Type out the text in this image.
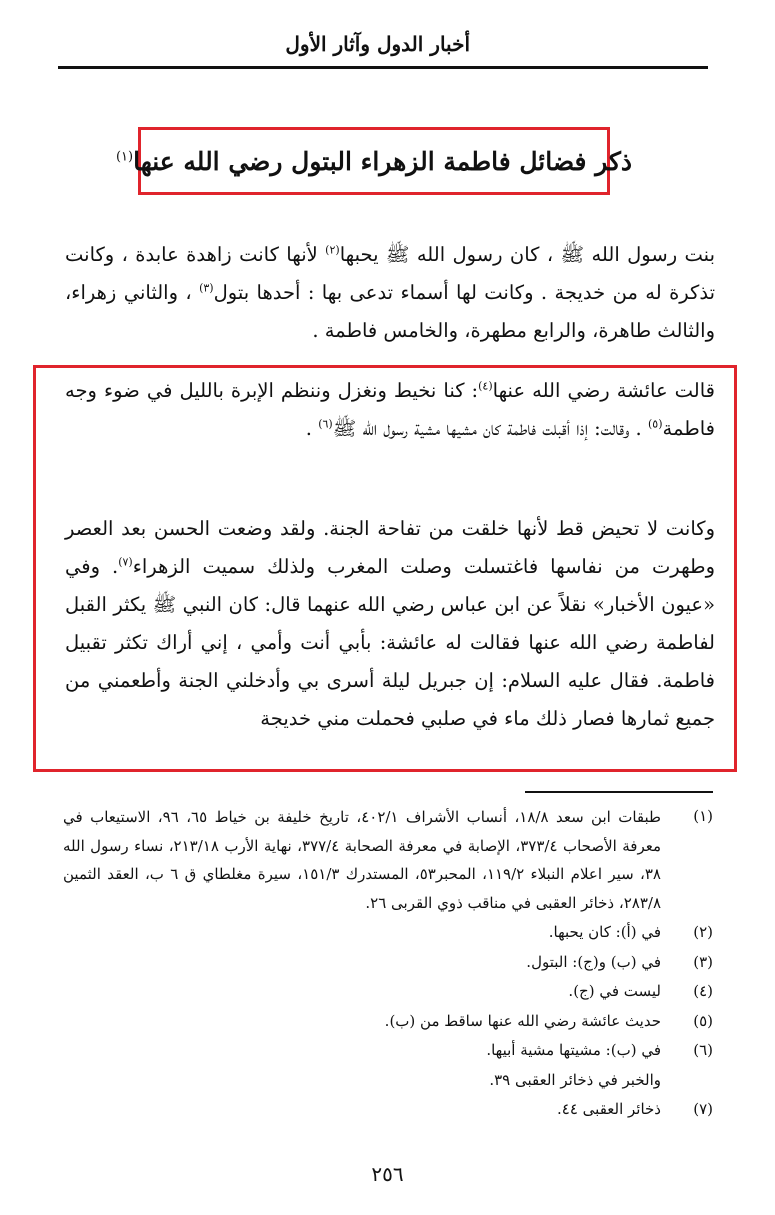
أخبار الدول وآثار الأول
ذكر فضائل فاطمة الزهراء البتول رضي الله عنها$^{(١)}$
بنت رسول الله ﷺ ، كان رسول الله ﷺ يحبها$^{(٢)}$ لأنها كانت زاهدة عابدة ، وكانت تذكرة له من خديجة . وكانت لها أسماء تدعى بها : أحدها بتول$^{(٣)}$ ، والثاني زهراء، والثالث طاهرة، والرابع مطهرة، والخامس فاطمة .
قالت عائشة رضي الله عنها$^{(٤)}$: كنا نخيط ونغزل وننظم الإبرة بالليل في ضوء وجه فاطمة$^{(٥)}$ . وقالت: إذا أقبلت فاطمة كان مشيها مشية رسول الله ﷺ$^{(٦)}$ .
وكانت لا تحيض قط لأنها خلقت من تفاحة الجنة. ولقد وضعت الحسن بعد العصر وطهرت من نفاسها فاغتسلت وصلت المغرب ولذلك سميت الزهراء$^{(٧)}$. وفي «عيون الأخبار» نقلاً عن ابن عباس رضي الله عنهما قال: كان النبي ﷺ يكثر القبل لفاطمة رضي الله عنها فقالت له عائشة: بأبي أنت وأمي ، إني أراك تكثر تقبيل فاطمة. فقال عليه السلام: إن جبريل ليلة أسرى بي وأدخلني الجنة وأطعمني من جميع ثمارها فصار ذلك ماء في صلبي فحملت مني خديجة
(١)
طبقات ابن سعد ١٨/٨، أنساب الأشراف ٤٠٢/١، تاريخ خليفة بن خياط ٦٥، ٩٦، الاستيعاب في معرفة الأصحاب ٣٧٣/٤، الإصابة في معرفة الصحابة ٣٧٧/٤، نهاية الأرب ٢١٣/١٨، نساء رسول الله ٣٨، سير اعلام النبلاء ١١٩/٢، المحبر٥٣، المستدرك ١٥١/٣، سيرة مغلطاي ق ٦ ب، العقد الثمين ٢٨٣/٨، ذخائر العقبى في مناقب ذوي القربى ٢٦.
(٢)
في (أ): كان يحبها.
(٣)
في (ب) و(ج): البتول.
(٤)
ليست في (ج).
(٥)
حديث عائشة رضي الله عنها ساقط من (ب).
(٦)
في (ب): مشيتها مشية أبيها.
والخبر في ذخائر العقبى ٣٩.
(٧)
ذخائر العقبى ٤٤.
٢٥٦
